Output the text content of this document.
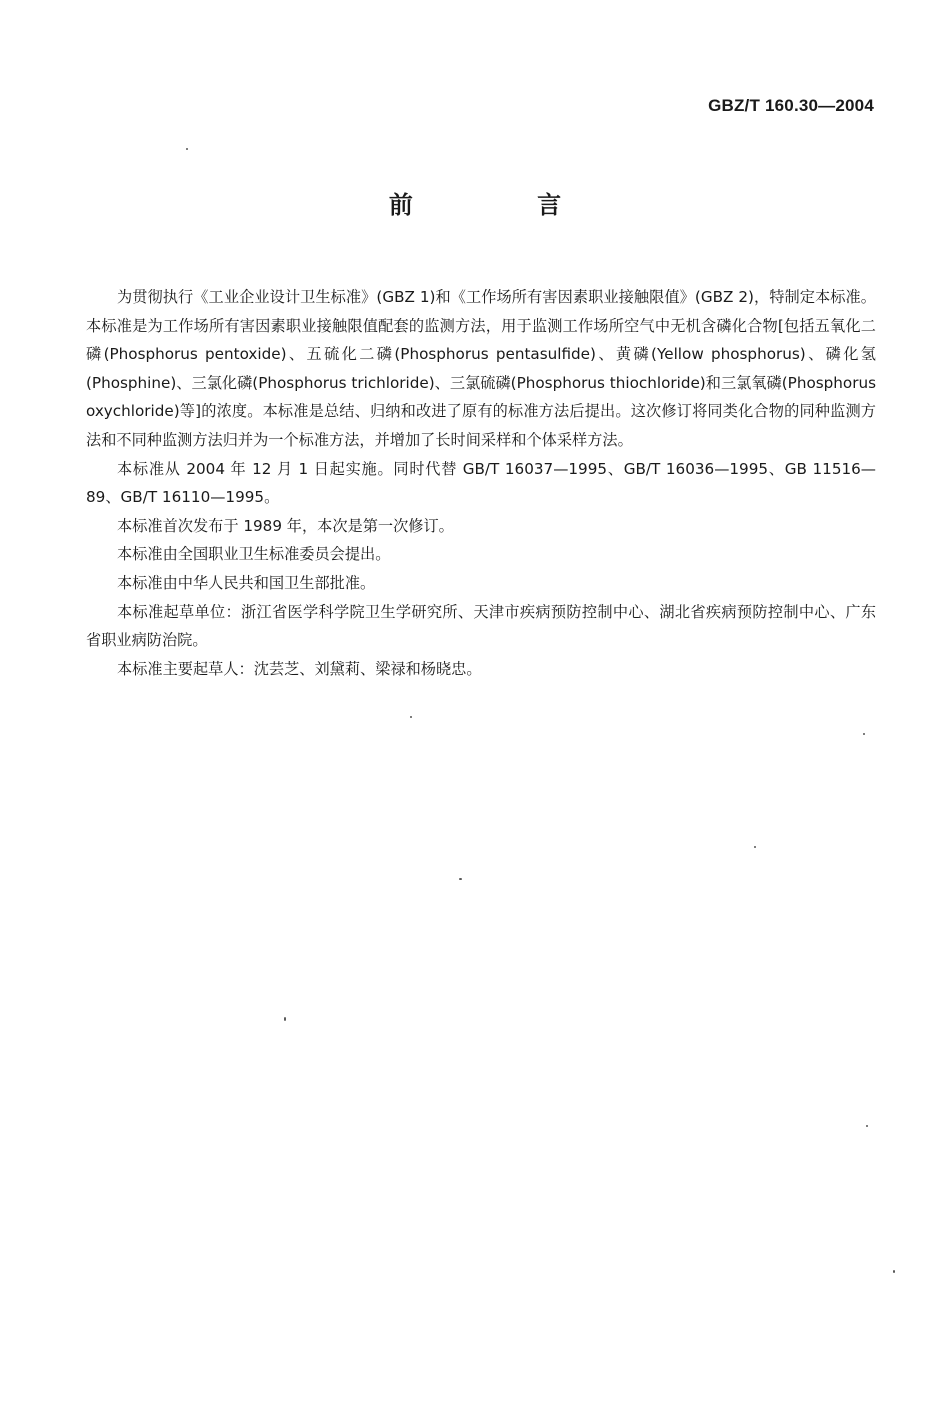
GBZ/T 160.30—2004
前 言

为贯彻执行《工业企业设计卫生标准》(GBZ 1)和《工作场所有害因素职业接触限值》(GBZ 2)，特制定本标准。本标准是为工作场所有害因素职业接触限值配套的监测方法，用于监测工作场所空气中无机含磷化合物[包括五氧化二磷(Phosphorus pentoxide)、五硫化二磷(Phosphorus pentasulfide)、黄磷(Yellow phosphorus)、磷化氢(Phosphine)、三氯化磷(Phosphorus trichloride)、三氯硫磷(Phosphorus thiochloride)和三氯氧磷(Phosphorus oxychloride)等]的浓度。本标准是总结、归纳和改进了原有的标准方法后提出。这次修订将同类化合物的同种监测方法和不同种监测方法归并为一个标准方法，并增加了长时间采样和个体采样方法。

本标准从 2004 年 12 月 1 日起实施。同时代替 GB/T 16037—1995、GB/T 16036—1995、GB 11516—89、GB/T 16110—1995。

本标准首次发布于 1989 年，本次是第一次修订。

本标准由全国职业卫生标准委员会提出。

本标准由中华人民共和国卫生部批准。

本标准起草单位：浙江省医学科学院卫生学研究所、天津市疾病预防控制中心、湖北省疾病预防控制中心、广东省职业病防治院。

本标准主要起草人：沈芸芝、刘黛莉、梁禄和杨晓忠。
